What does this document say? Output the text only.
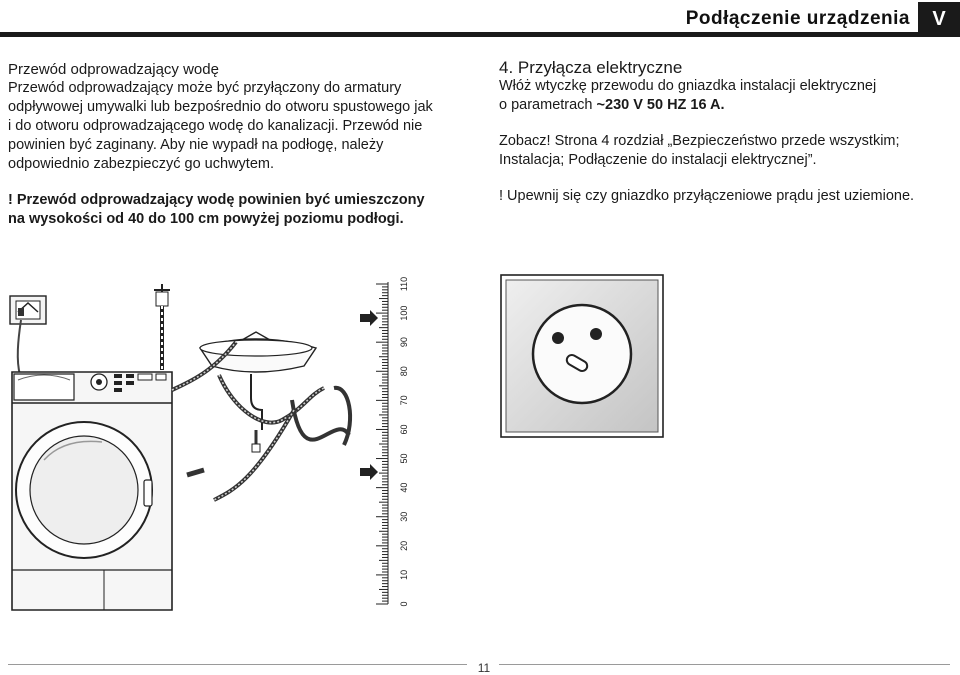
Podłączenie urządzenia	V

Przewód odprowadzający wodę

Przewód odprowadzający może być przyłączony do armatury

odpływowej umywalki lub bezpośrednio do otworu spustowego jak

i do otworu odprowadzającego wodę do kanalizacji. Przewód nie

powinien być zaginany. Aby nie wypadł na podłogę, należy

odpowiednio zabezpieczyć go uchwytem.

! Przewód odprowadzający wodę powinien być umieszczony

na wysokości od 40 do 100 cm powyżej poziomu podłogi.

4. Przyłącza elektryczne

Włóż wtyczkę przewodu do gniazdka instalacji elektrycznej

o parametrach ~230 V 50 HZ 16 A.

Zobacz! Strona 4 rozdział „Bezpieczeństwo przede wszystkim;

Instalacja; Podłączenie do instalacji elektrycznej”.

! Upewnij się czy gniazdko przyłączeniowe prądu jest uziemione.

0
10
20
30
40
50
60
70
80
90
100
110
11
